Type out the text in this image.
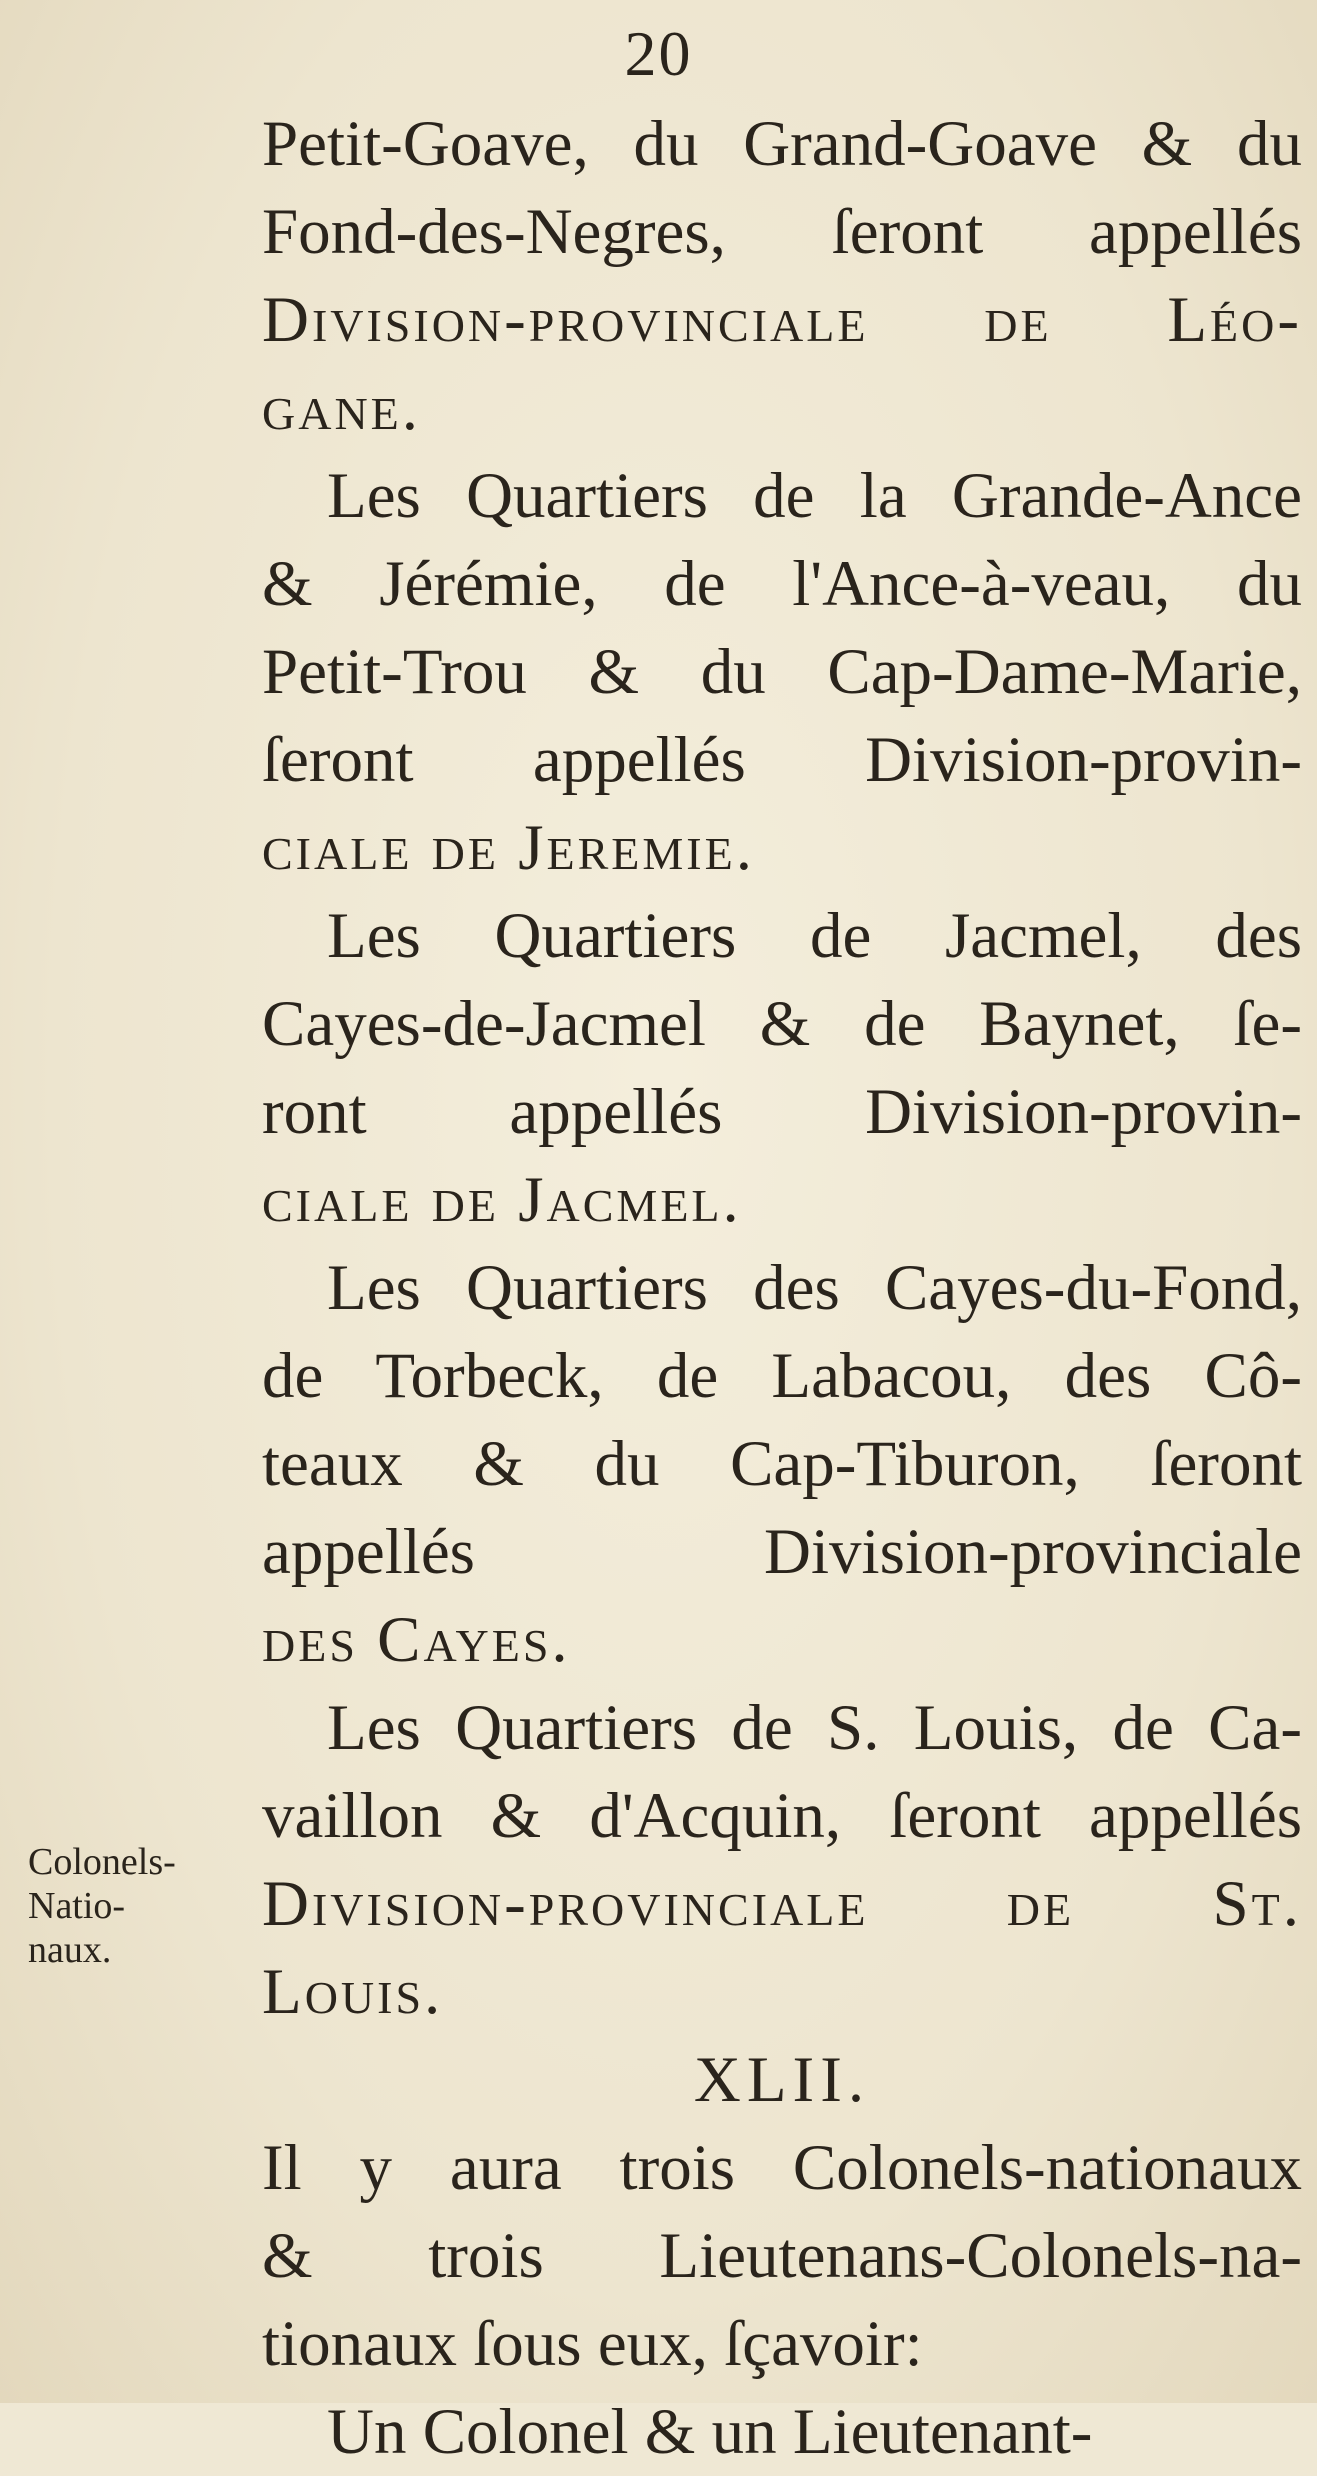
20
Petit-Goave, du Grand-Goave & du
Fond-des-Negres, ſeront appellés
Division-provinciale de Léo-
gane.
Les Quartiers de la Grande-Ance
& Jérémie, de l'Ance-à-veau, du
Petit-Trou & du Cap-Dame-Marie,
ſeront appellés Division-provin-
ciale de Jeremie.
Les Quartiers de Jacmel, des
Cayes-de-Jacmel & de Baynet, ſe-
ront appellés Division-provin-
ciale de Jacmel.
Les Quartiers des Cayes-du-Fond,
de Torbeck, de Labacou, des Cô-
teaux & du Cap-Tiburon, ſeront
appellés Division-provinciale
des Cayes.
Les Quartiers de S. Louis, de Ca-
vaillon & d'Acquin, ſeront appellés
Division-provinciale de St.
Louis.
XLII.
Il y aura trois Colonels-nationaux
& trois Lieutenans-Colonels-na-
tionaux ſous eux, ſçavoir:
Un Colonel & un Lieutenant-
Colonels-
Natio-
naux.
